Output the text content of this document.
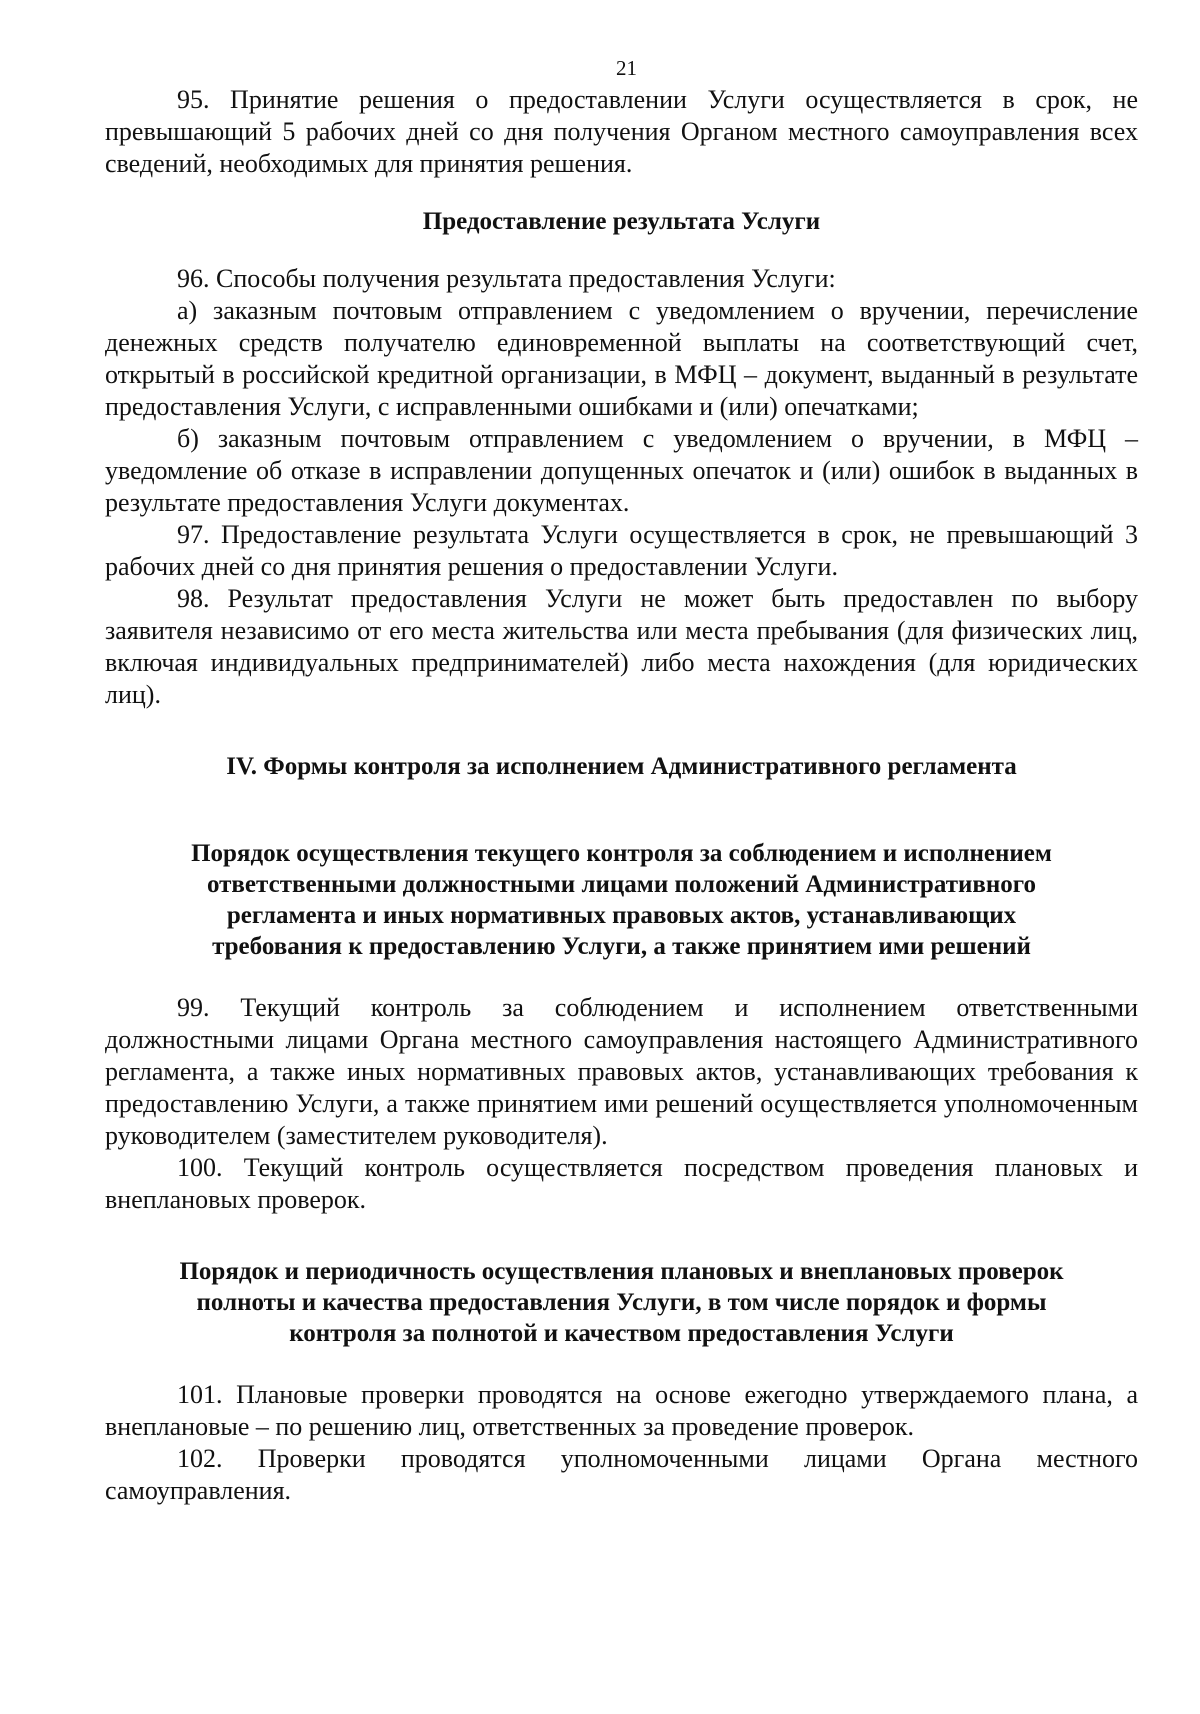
21

95. Принятие решения о предоставлении Услуги осуществляется в срок, не превышающий 5 рабочих дней со дня получения Органом местного самоуправления всех сведений, необходимых для принятия решения.

Предоставление результата Услуги

96. Способы получения результата предоставления Услуги:

а) заказным почтовым отправлением с уведомлением о вручении, перечисление денежных средств получателю единовременной выплаты на соответствующий счет, открытый в российской кредитной организации, в МФЦ – документ, выданный в результате предоставления Услуги, с исправленными ошибками и (или) опечатками;

б) заказным почтовым отправлением с уведомлением о вручении, в МФЦ – уведомление об отказе в исправлении допущенных опечаток и (или) ошибок в выданных в результате предоставления Услуги документах.

97. Предоставление результата Услуги осуществляется в срок, не превышающий 3 рабочих дней со дня принятия решения о предоставлении Услуги.

98. Результат предоставления Услуги не может быть предоставлен по выбору заявителя независимо от его места жительства или места пребывания (для физических лиц, включая индивидуальных предпринимателей) либо места нахождения (для юридических лиц).

IV. Формы контроля за исполнением Административного регламента
Порядок осуществления текущего контроля за соблюдением и исполнением
ответственными должностными лицами положений Административного
регламента и иных нормативных правовых актов, устанавливающих
требования к предоставлению Услуги, а также принятием ими решений

99. Текущий контроль за соблюдением и исполнением ответственными должностными лицами Органа местного самоуправления настоящего Административного регламента, а также иных нормативных правовых актов, устанавливающих требования к предоставлению Услуги, а также принятием ими решений осуществляется уполномоченным руководителем (заместителем руководителя).

100. Текущий контроль осуществляется посредством проведения плановых и внеплановых проверок.

Порядок и периодичность осуществления плановых и внеплановых проверок
полноты и качества предоставления Услуги, в том числе порядок и формы
контроля за полнотой и качеством предоставления Услуги

101. Плановые проверки проводятся на основе ежегодно утверждаемого плана, а внеплановые – по решению лиц, ответственных за проведение проверок.

102. Проверки проводятся уполномоченными лицами Органа местного самоуправления.
